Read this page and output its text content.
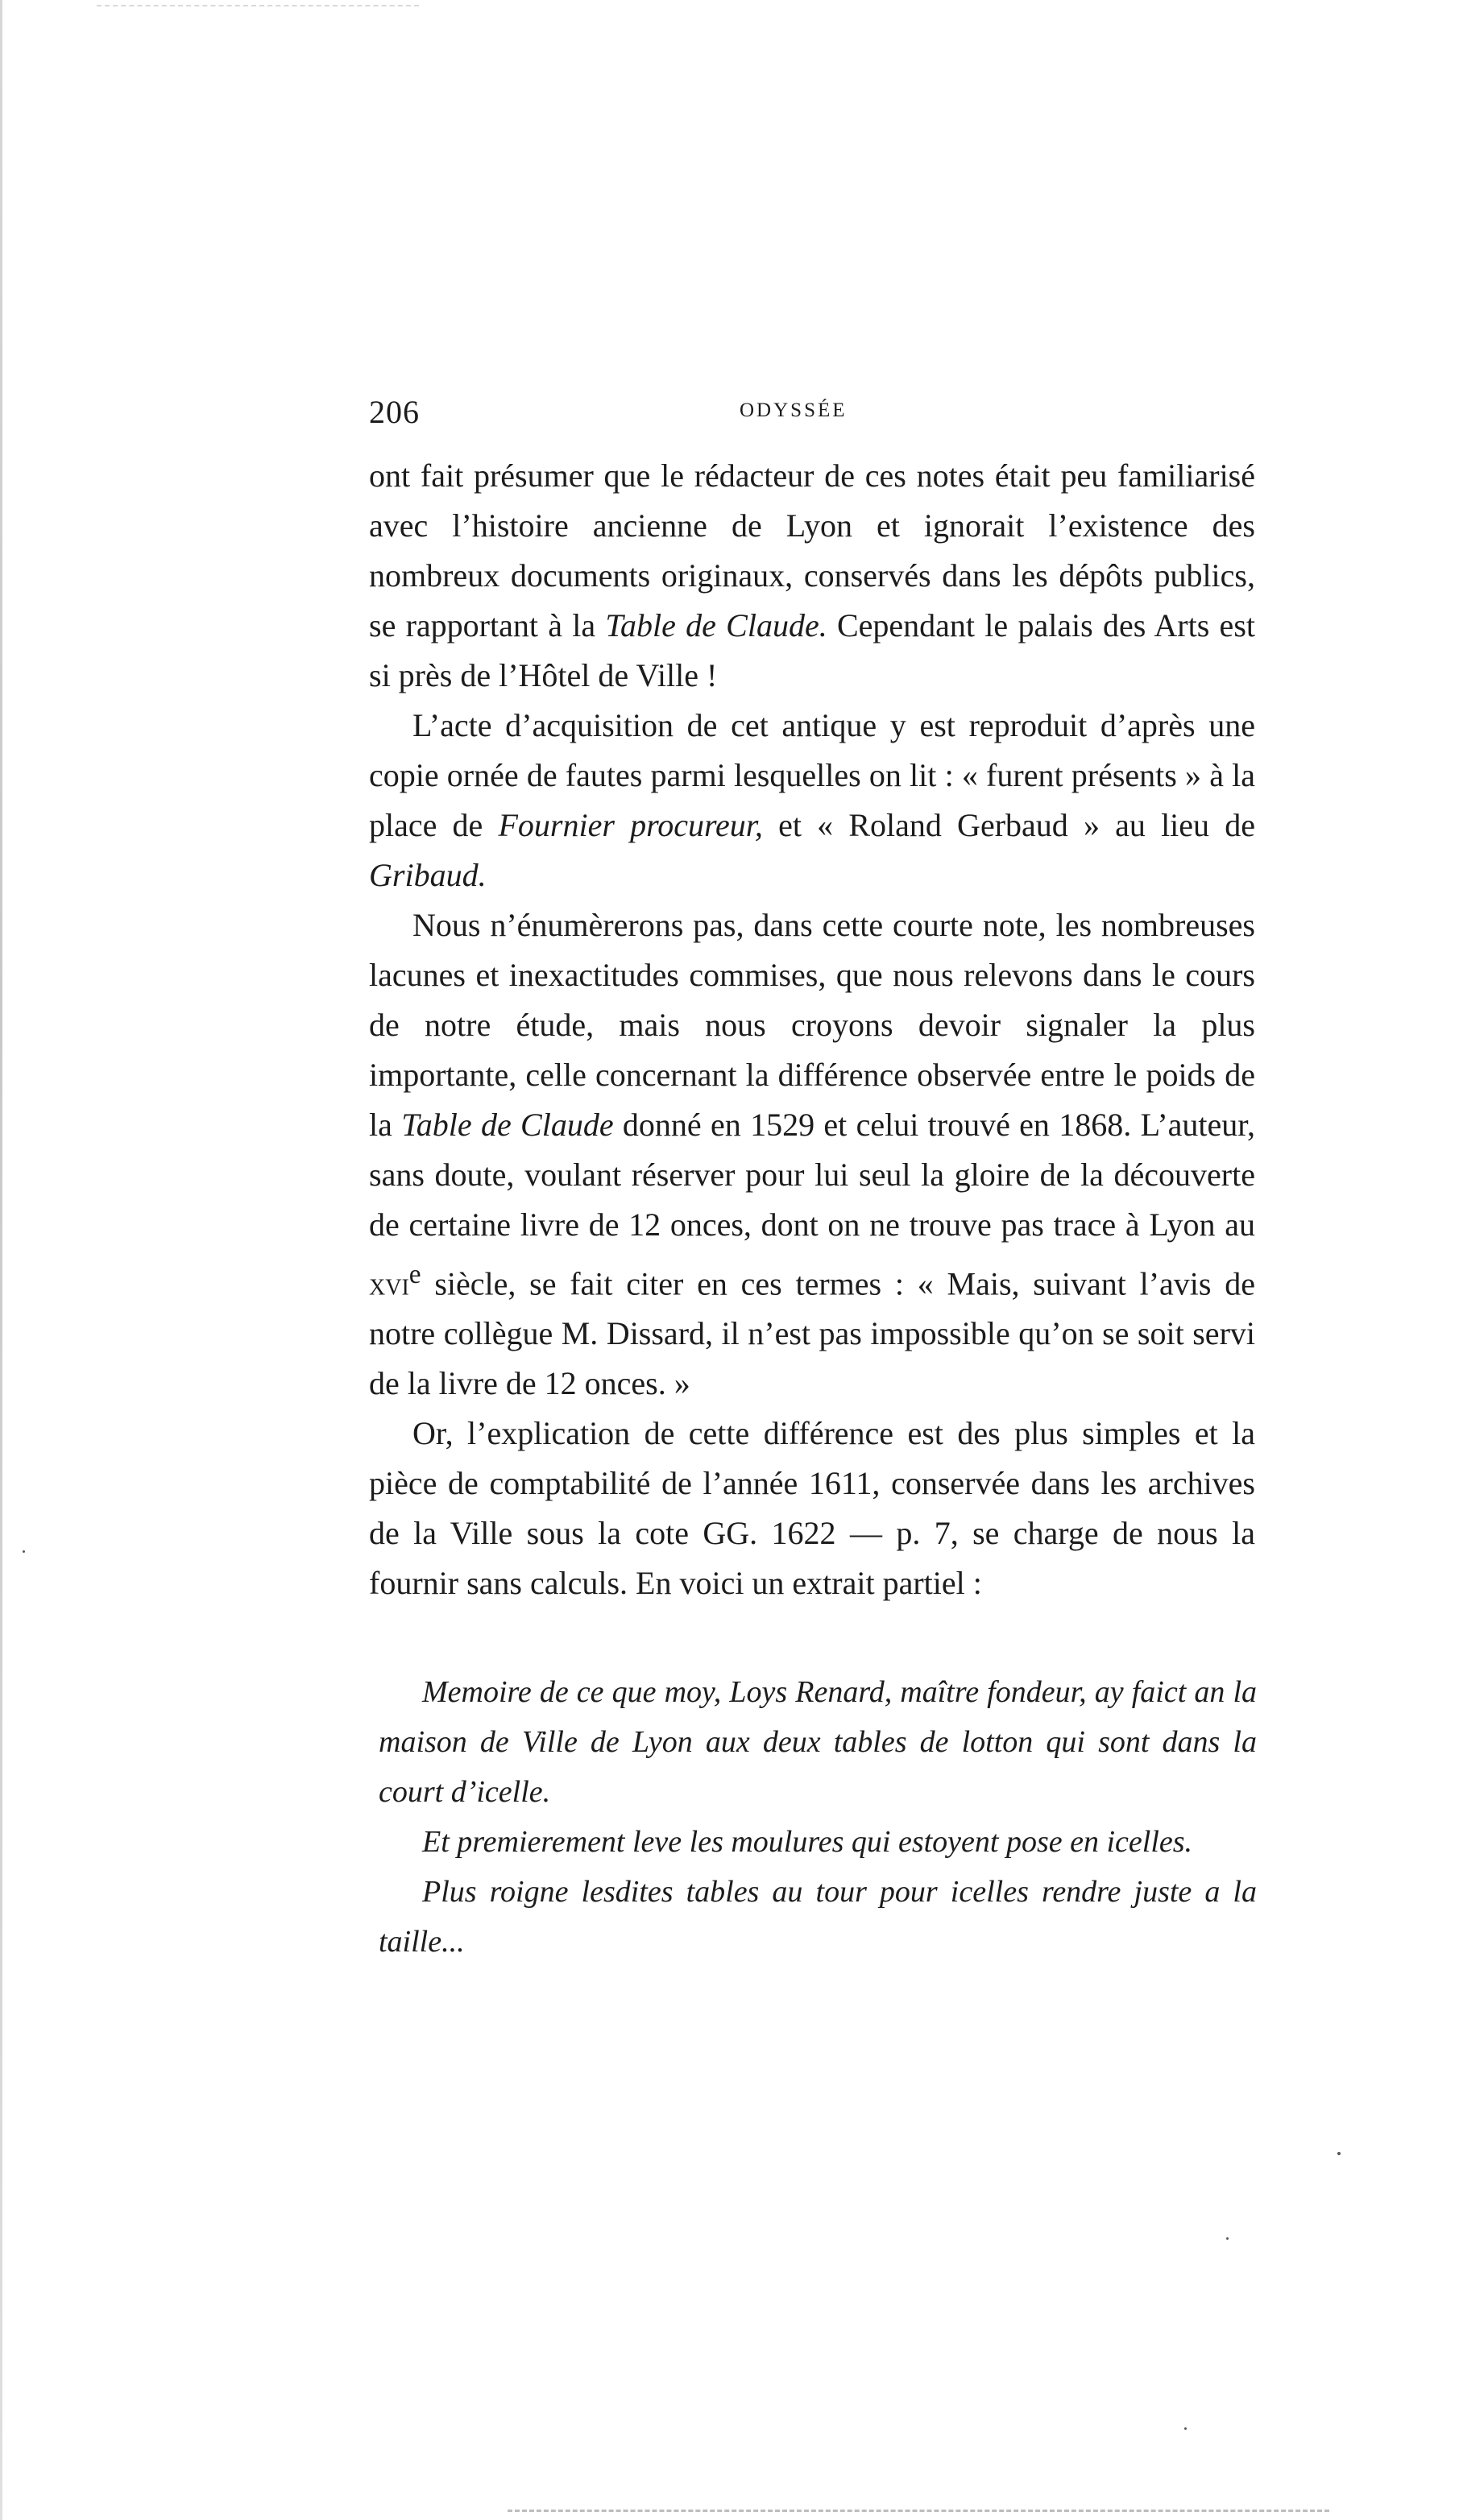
206	ODYSSÉE

ont fait présumer que le rédacteur de ces notes était peu familiarisé avec l’histoire ancienne de Lyon et ignorait l’existence des nombreux documents originaux, conservés dans les dépôts publics, se rapportant à la Table de Claude. Cependant le palais des Arts est si près de l’Hôtel de Ville !

L’acte d’acquisition de cet antique y est reproduit d’après une copie ornée de fautes parmi lesquelles on lit : « furent présents » à la place de Fournier procureur, et « Roland Gerbaud » au lieu de Gribaud.

Nous n’énumèrerons pas, dans cette courte note, les nombreuses lacunes et inexactitudes commises, que nous relevons dans le cours de notre étude, mais nous croyons devoir signaler la plus importante, celle concernant la différence observée entre le poids de la Table de Claude donné en 1529 et celui trouvé en 1868. L’auteur, sans doute, voulant réserver pour lui seul la gloire de la découverte de certaine livre de 12 onces, dont on ne trouve pas trace à Lyon au xvi$^e$ siècle, se fait citer en ces termes : « Mais, suivant l’avis de notre collègue M. Dissard, il n’est pas impossible qu’on se soit servi de la livre de 12 onces. »

Or, l’explication de cette différence est des plus simples et la pièce de comptabilité de l’année 1611, conservée dans les archives de la Ville sous la cote GG. 1622 — p. 7, se charge de nous la fournir sans calculs. En voici un extrait partiel :

Memoire de ce que moy, Loys Renard, maître fondeur, ay faict an la maison de Ville de Lyon aux deux tables de lotton qui sont dans la court d’icelle.

Et premierement leve les moulures qui estoyent pose en icelles.

Plus roigne lesdites tables au tour pour icelles rendre juste a la taille...
